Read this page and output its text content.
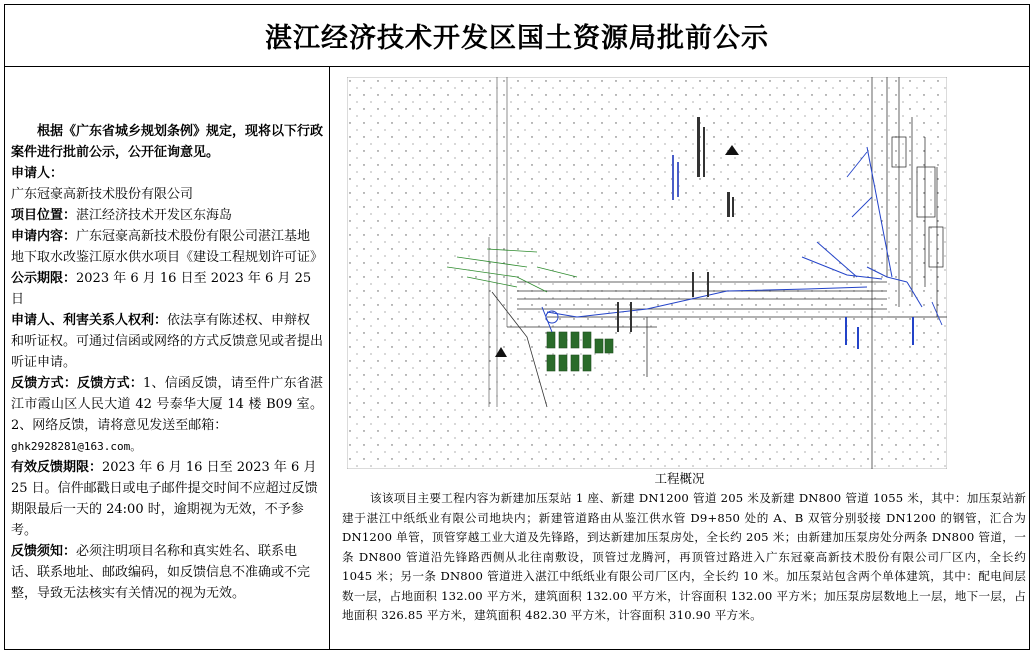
湛江经济技术开发区国土资源局批前公示

根据《广东省城乡规划条例》规定，现将以下行政案件进行批前公示，公开征询意见。

申请人：

广东冠豪高新技术股份有限公司

项目位置：湛江经济技术开发区东海岛

申请内容：广东冠豪高新技术股份有限公司湛江基地地下取水改鉴江原水供水项目《建设工程规划许可证》

公示期限：2023 年 6 月 16 日至 2023 年 6 月 25 日

申请人、利害关系人权利：依法享有陈述权、申辩权和听证权。可通过信函或网络的方式反馈意见或者提出听证申请。

反馈方式：反馈方式：1、信函反馈，请至件广东省湛江市霞山区人民大道 42 号泰华大厦 14 楼 B09 室。2、网络反馈，请将意见发送至邮箱：

ghk2928281@163.com。

有效反馈期限：2023 年 6 月 16 日至 2023 年 6 月 25 日。信件邮戳日或电子邮件提交时间不应超过反馈期限最后一天的 24:00 时，逾期视为无效，不予参考。

反馈须知：必须注明项目名称和真实姓名、联系电话、联系地址、邮政编码，如反馈信息不准确或不完整，导致无法核实有关情况的视为无效。

工程概况
该该项目主要工程内容为新建加压泵站 1 座、新建 DN1200 管道 205 米及新建 DN800 管道 1055 米，其中：加压泵站新建于湛江中纸纸业有限公司地块内；新建管道路由从鉴江供水管 D9+850 处的 A、B 双管分别驳接 DN1200 的钢管，汇合为 DN1200 单管，顶管穿越工业大道及先锋路，到达新建加压泵房处，全长约 205 米；由新建加压泵房处分两条 DN800 管道，一条 DN800 管道沿先锋路西侧从北往南敷设，顶管过龙腾河，再顶管过路进入广东冠豪高新技术股份有限公司厂区内，全长约 1045 米；另一条 DN800 管道进入湛江中纸纸业有限公司厂区内，全长约 10 米。加压泵站包含两个单体建筑，其中：配电间层数一层，占地面积 132.00 平方米，建筑面积 132.00 平方米，计容面积 132.00 平方米；加压泵房层数地上一层，地下一层，占地面积 326.85 平方米，建筑面积 482.30 平方米，计容面积 310.90 平方米。
